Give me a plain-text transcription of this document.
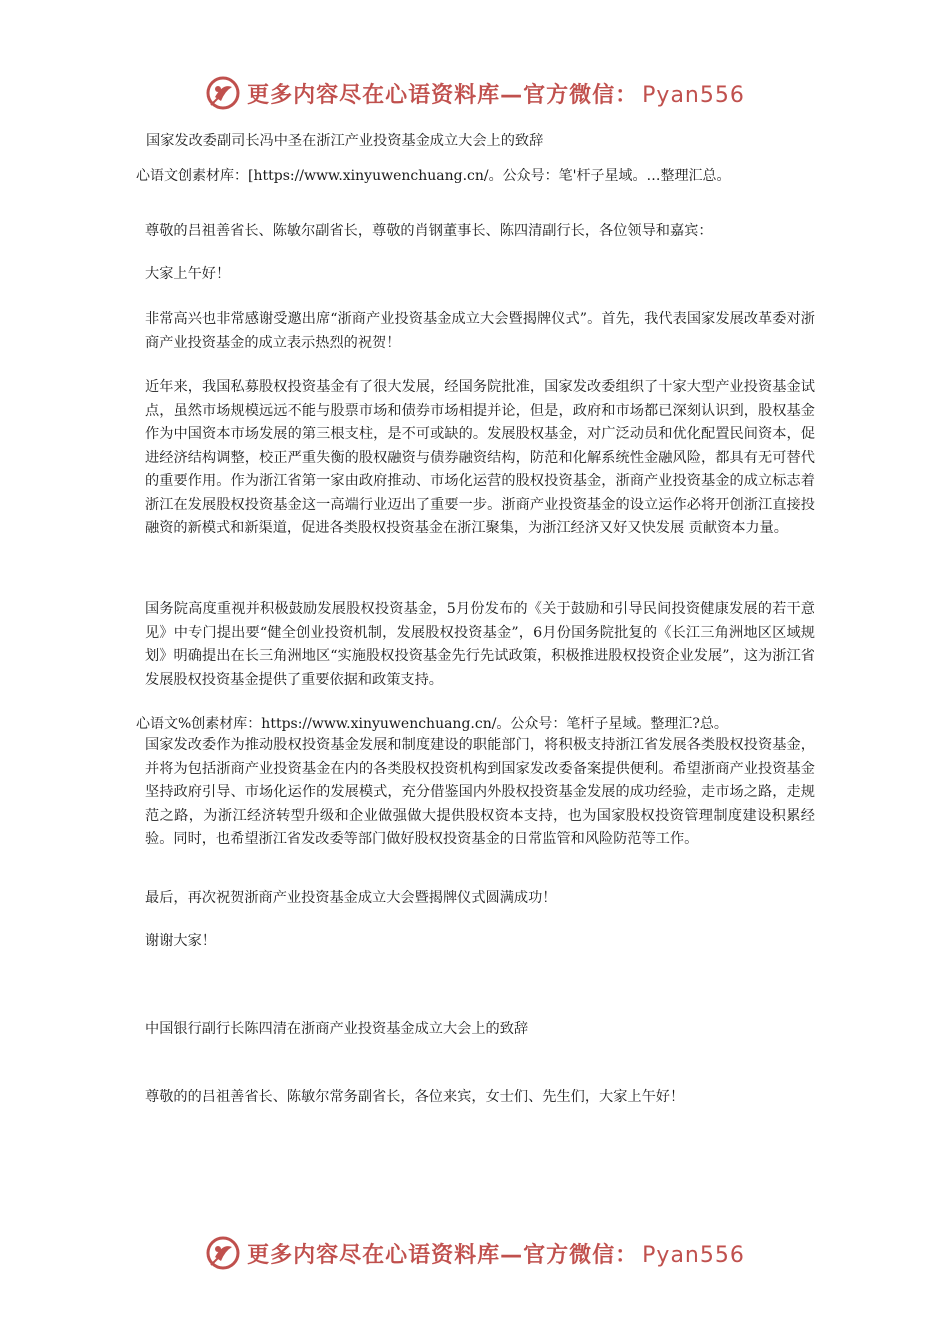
更多内容尽在心语资料库—官方微信： Pyan556

国家发改委副司长冯中圣在浙江产业投资基金成立大会上的致辞

心语文创素材库：[https://www.xinyuwenchuang.cn/。公众号：笔'杆子星域。…整理汇总。

尊敬的吕祖善省长、陈敏尔副省长，尊敬的肖钢董事长、陈四清副行长，各位领导和嘉宾：

大家上午好！

非常高兴也非常感谢受邀出席“浙商产业投资基金成立大会暨揭牌仪式”。首先，我代表国家发展改革委对浙商产业投资基金的成立表示热烈的祝贺！

近年来，我国私募股权投资基金有了很大发展，经国务院批准，国家发改委组织了十家大型产业投资基金试点，虽然市场规模远远不能与股票市场和债券市场相提并论，但是，政府和市场都已深刻认识到，股权基金作为中国资本市场发展的第三根支柱，是不可或缺的。发展股权基金，对广泛动员和优化配置民间资本，促进经济结构调整，校正严重失衡的股权融资与债券融资结构，防范和化解系统性金融风险，都具有无可替代的重要作用。作为浙江省第一家由政府推动、市场化运营的股权投资基金，浙商产业投资基金的成立标志着浙江在发展股权投资基金这一高端行业迈出了重要一步。浙商产业投资基金的设立运作必将开创浙江直接投融资的新模式和新渠道，促进各类股权投资基金在浙江聚集，为浙江经济又好又快发展 贡献资本力量。

国务院高度重视并积极鼓励发展股权投资基金，5月份发布的《关于鼓励和引导民间投资健康发展的若干意见》中专门提出要“健全创业投资机制，发展股权投资基金”，6月份国务院批复的《长江三角洲地区区域规划》明确提出在长三角洲地区“实施股权投资基金先行先试政策，积极推进股权投资企业发展”，这为浙江省发展股权投资基金提供了重要依据和政策支持。

心语文%创素材库：https://www.xinyuwenchuang.cn/。公众号：笔杆子星域。整理汇?总。

国家发改委作为推动股权投资基金发展和制度建设的职能部门，将积极支持浙江省发展各类股权投资基金，并将为包括浙商产业投资基金在内的各类股权投资机构到国家发改委备案提供便利。希望浙商产业投资基金坚持政府引导、市场化运作的发展模式，充分借鉴国内外股权投资基金发展的成功经验，走市场之路，走规范之路，为浙江经济转型升级和企业做强做大提供股权资本支持，也为国家股权投资管理制度建设积累经验。同时，也希望浙江省发改委等部门做好股权投资基金的日常监管和风险防范等工作。

最后，再次祝贺浙商产业投资基金成立大会暨揭牌仪式圆满成功！

谢谢大家！

中国银行副行长陈四清在浙商产业投资基金成立大会上的致辞

尊敬的的吕祖善省长、陈敏尔常务副省长，各位来宾，女士们、先生们，大家上午好！

更多内容尽在心语资料库—官方微信： Pyan556
